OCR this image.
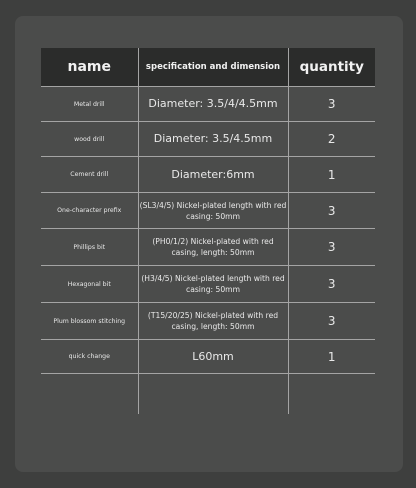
name	specification and dimension	quantity
Metal drill	Diameter: 3.5/4/4.5mm	3
wood drill	Diameter: 3.5/4.5mm	2
Cement drill	Diameter:6mm	1
One-character prefix	(SL3/4/5) Nickel-plated length with red casing: 50mm	3
Phillips bit	(PH0/1/2) Nickel-plated with red casing, length: 50mm	3
Hexagonal bit	(H3/4/5) Nickel-plated length with red casing: 50mm	3
Plum blossom stitching	(T15/20/25) Nickel-plated with red casing, length: 50mm	3
quick change	L60mm	1
